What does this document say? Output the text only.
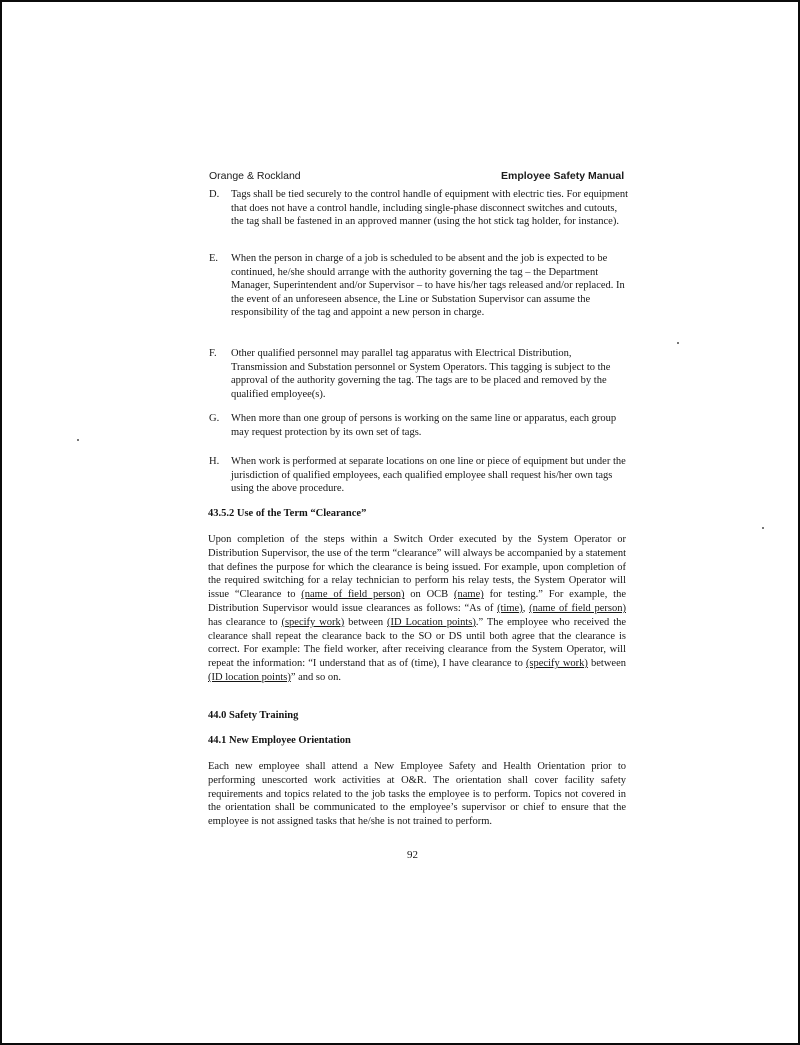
Orange & Rockland	Employee Safety Manual
D. Tags shall be tied securely to the control handle of equipment with electric ties. For equipment that does not have a control handle, including single-phase disconnect switches and cutouts, the tag shall be fastened in an approved manner (using the hot stick tag holder, for instance).
E. When the person in charge of a job is scheduled to be absent and the job is expected to be continued, he/she should arrange with the authority governing the tag – the Department Manager, Superintendent and/or Supervisor – to have his/her tags released and/or replaced. In the event of an unforeseen absence, the Line or Substation Supervisor can assume the responsibility of the tag and appoint a new person in charge.
F. Other qualified personnel may parallel tag apparatus with Electrical Distribution, Transmission and Substation personnel or System Operators. This tagging is subject to the approval of the authority governing the tag. The tags are to be placed and removed by the qualified employee(s).
G. When more than one group of persons is working on the same line or apparatus, each group may request protection by its own set of tags.
H. When work is performed at separate locations on one line or piece of equipment but under the jurisdiction of qualified employees, each qualified employee shall request his/her own tags using the above procedure.
43.5.2 Use of the Term “Clearance”
Upon completion of the steps within a Switch Order executed by the System Operator or Distribution Supervisor, the use of the term “clearance” will always be accompanied by a statement that defines the purpose for which the clearance is being issued. For example, upon completion of the required switching for a relay technician to perform his relay tests, the System Operator will issue “Clearance to (name of field person) on OCB (name) for testing.” For example, the Distribution Supervisor would issue clearances as follows: “As of (time), (name of field person) has clearance to (specify work) between (ID Location points).” The employee who received the clearance shall repeat the clearance back to the SO or DS until both agree that the clearance is correct. For example: The field worker, after receiving clearance from the System Operator, will repeat the information: “I understand that as of (time), I have clearance to (specify work) between (ID location points)” and so on.
44.0 Safety Training
44.1 New Employee Orientation
Each new employee shall attend a New Employee Safety and Health Orientation prior to performing unescorted work activities at O&R. The orientation shall cover facility safety requirements and topics related to the job tasks the employee is to perform. Topics not covered in the orientation shall be communicated to the employee’s supervisor or chief to ensure that the employee is not assigned tasks that he/she is not trained to perform.
92
